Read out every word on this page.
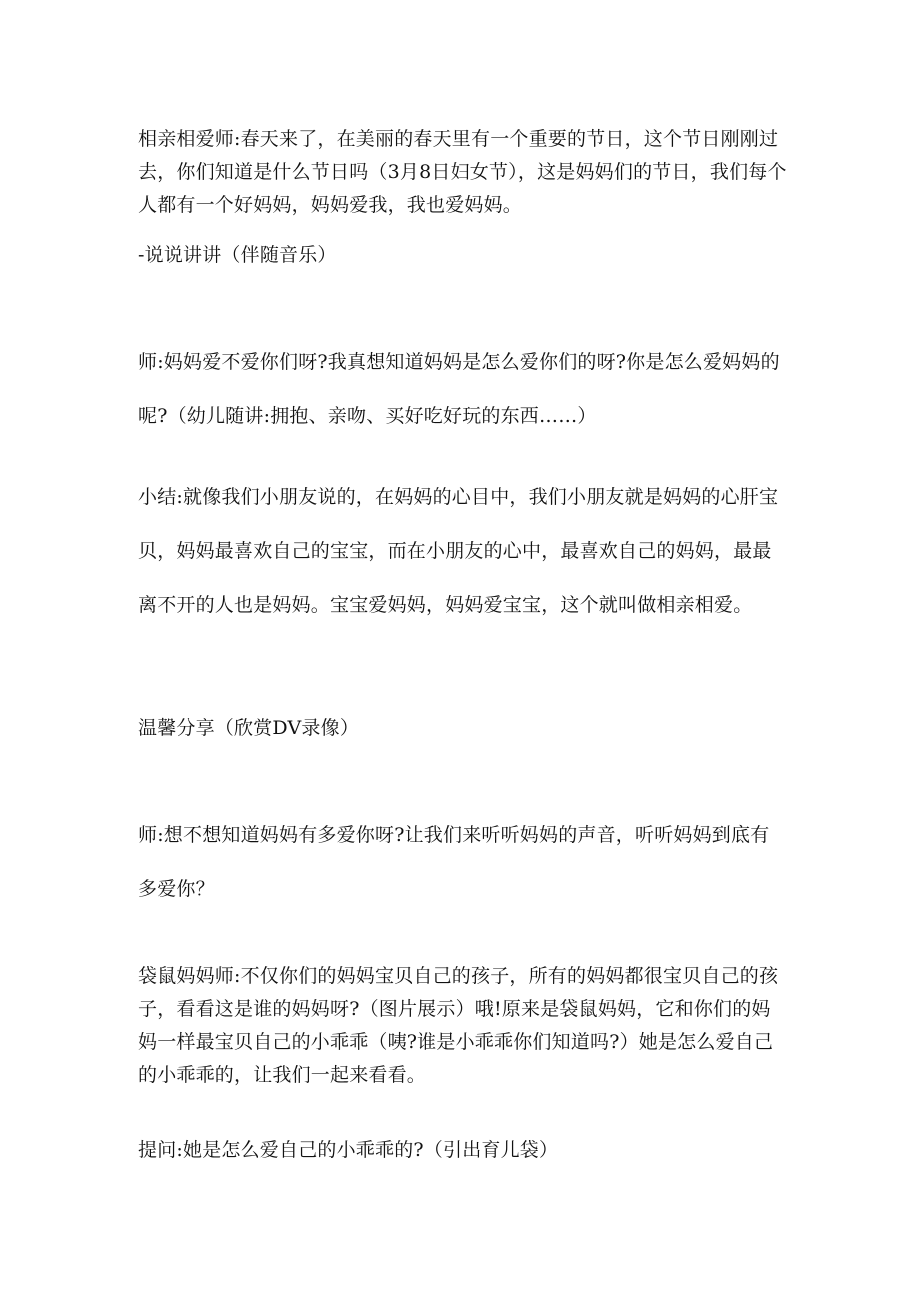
相亲相爱师:春天来了，在美丽的春天里有一个重要的节日，这个节日刚刚过去，你们知道是什么节日吗（3月8日妇女节），这是妈妈们的节日，我们每个人都有一个好妈妈，妈妈爱我，我也爱妈妈。

-说说讲讲（伴随音乐）

师:妈妈爱不爱你们呀?我真想知道妈妈是怎么爱你们的呀?你是怎么爱妈妈的呢?（幼儿随讲:拥抱、亲吻、买好吃好玩的东西……）

小结:就像我们小朋友说的，在妈妈的心目中，我们小朋友就是妈妈的心肝宝贝，妈妈最喜欢自己的宝宝，而在小朋友的心中，最喜欢自己的妈妈，最最离不开的人也是妈妈。宝宝爱妈妈，妈妈爱宝宝，这个就叫做相亲相爱。

温馨分享（欣赏DV录像）

师:想不想知道妈妈有多爱你呀?让我们来听听妈妈的声音，听听妈妈到底有多爱你？

袋鼠妈妈师:不仅你们的妈妈宝贝自己的孩子，所有的妈妈都很宝贝自己的孩子，看看这是谁的妈妈呀?（图片展示）哦!原来是袋鼠妈妈，它和你们的妈妈一样最宝贝自己的小乖乖（咦?谁是小乖乖你们知道吗?）她是怎么爱自己的小乖乖的，让我们一起来看看。

提问:她是怎么爱自己的小乖乖的?（引出育儿袋）
